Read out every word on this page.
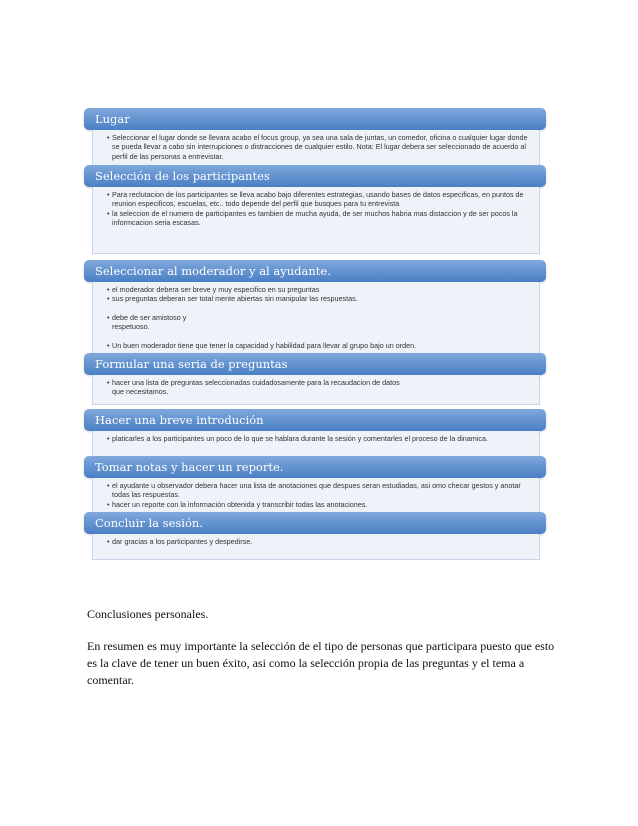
Lugar
• Seleccionar el lugar donde se llevara acabo el focus group, ya sea una sala de juntas, un comedor, oficina o cualquier lugar donde se pueda llevar a cabo sin interrupciones o distracciones de cualquier estilo. Nota: El lugar debera ser seleccionado de acuerdo al perfil de las personas a entrevistar.
Selección de los participantes
• Para reclutacion de los participantes se lleva acabo bajo diferentes estrategias, usando bases de datos especificas, en puntos de reunion especificos, escuelas, etc.. todo depende del perfil que busques para tu entrevista
• la seleccion de el numero de participantes es tambien de mucha ayuda, de ser muchos habria mas distaccion y de ser pocos la informcacion seria escasas.
Seleccionar al moderador y al ayudante.
• el moderador debera ser breve y muy especifico en su preguntas
• sus preguntas deberan ser total mente abiertas sin manipular las respuestas.
• debe de ser amistoso y respetuoso.
• Un buen moderador tiene que tener la capacidad y habilidad para llevar al grupo bajo un orden.
Formular una seria de preguntas
• hacer una lista de preguntas seleccionadas cuidadosamente para la recaudacion de datos que necesitamos.
Hacer una breve introdución
• platicarles a los participantes un poco de lo que se hablara durante la sesión y comentarles el proceso de la dinamica.
Tomar notas y hacer un reporte.
• el ayudante u observador debera hacer una lista de anotaciones que despues seran estudiadas, asi omo checar gestos y anotar todas las respuestas.
• hacer un reporte con la información obtenida y transcribir todas las anotaciones.
Concluir la sesión.
• dar gracias a los participantes y despedirse.

Conclusiones personales.

En resumen es muy importante la selección de el tipo de personas que participara puesto que esto es la clave de tener un buen éxito, asi como la selección propia de las preguntas y el tema a comentar.
